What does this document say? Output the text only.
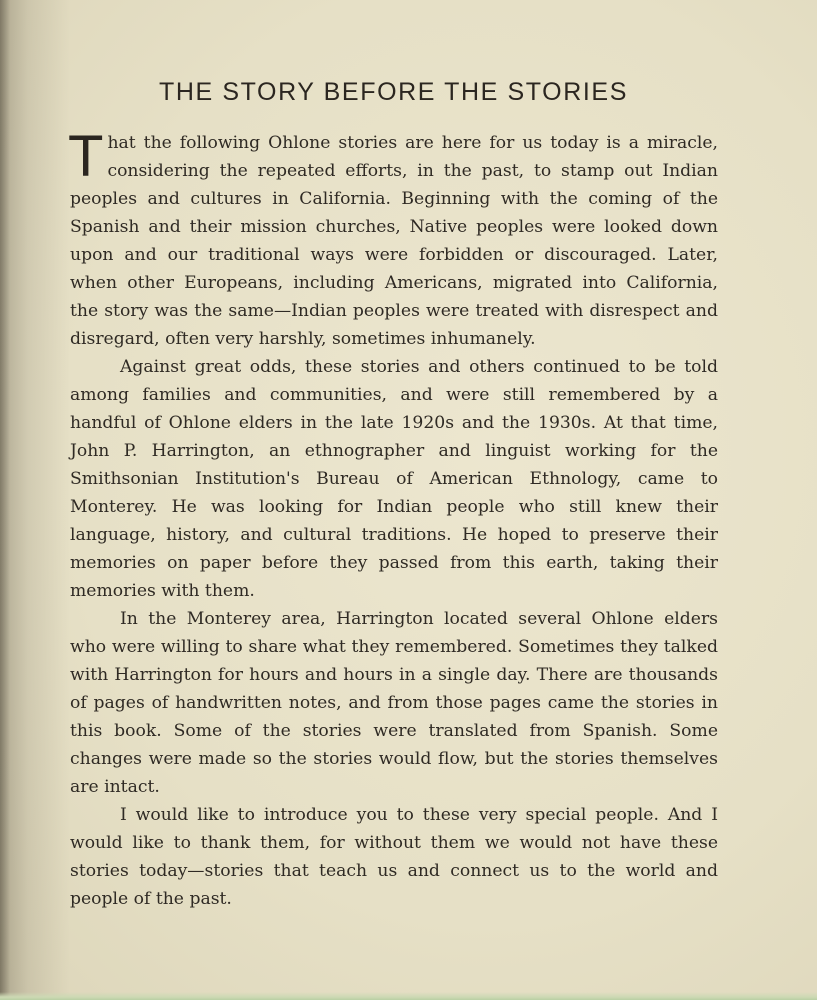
THE STORY BEFORE THE STORIES

That the following Ohlone stories are here for us today is a miracle, considering the repeated efforts, in the past, to stamp out Indian peoples and cultures in California. Beginning with the coming of the Spanish and their mission churches, Native peoples were looked down upon and our traditional ways were forbidden or discouraged. Later, when other Europeans, including Americans, migrated into California, the story was the same—Indian peoples were treated with disrespect and disregard, often very harshly, sometimes inhumanely.

Against great odds, these stories and others continued to be told among families and communities, and were still remembered by a handful of Ohlone elders in the late 1920s and the 1930s. At that time, John P. Harrington, an ethnographer and linguist working for the Smithsonian Institution's Bureau of American Ethnology, came to Monterey. He was looking for Indian people who still knew their language, history, and cultural traditions. He hoped to preserve their memories on paper before they passed from this earth, taking their memories with them.

In the Monterey area, Harrington located several Ohlone elders who were willing to share what they remembered. Sometimes they talked with Harrington for hours and hours in a single day. There are thousands of pages of handwritten notes, and from those pages came the stories in this book. Some of the stories were translated from Spanish. Some changes were made so the stories would flow, but the stories themselves are intact.

I would like to introduce you to these very special people. And I would like to thank them, for without them we would not have these stories today—stories that teach us and connect us to the world and people of the past.
